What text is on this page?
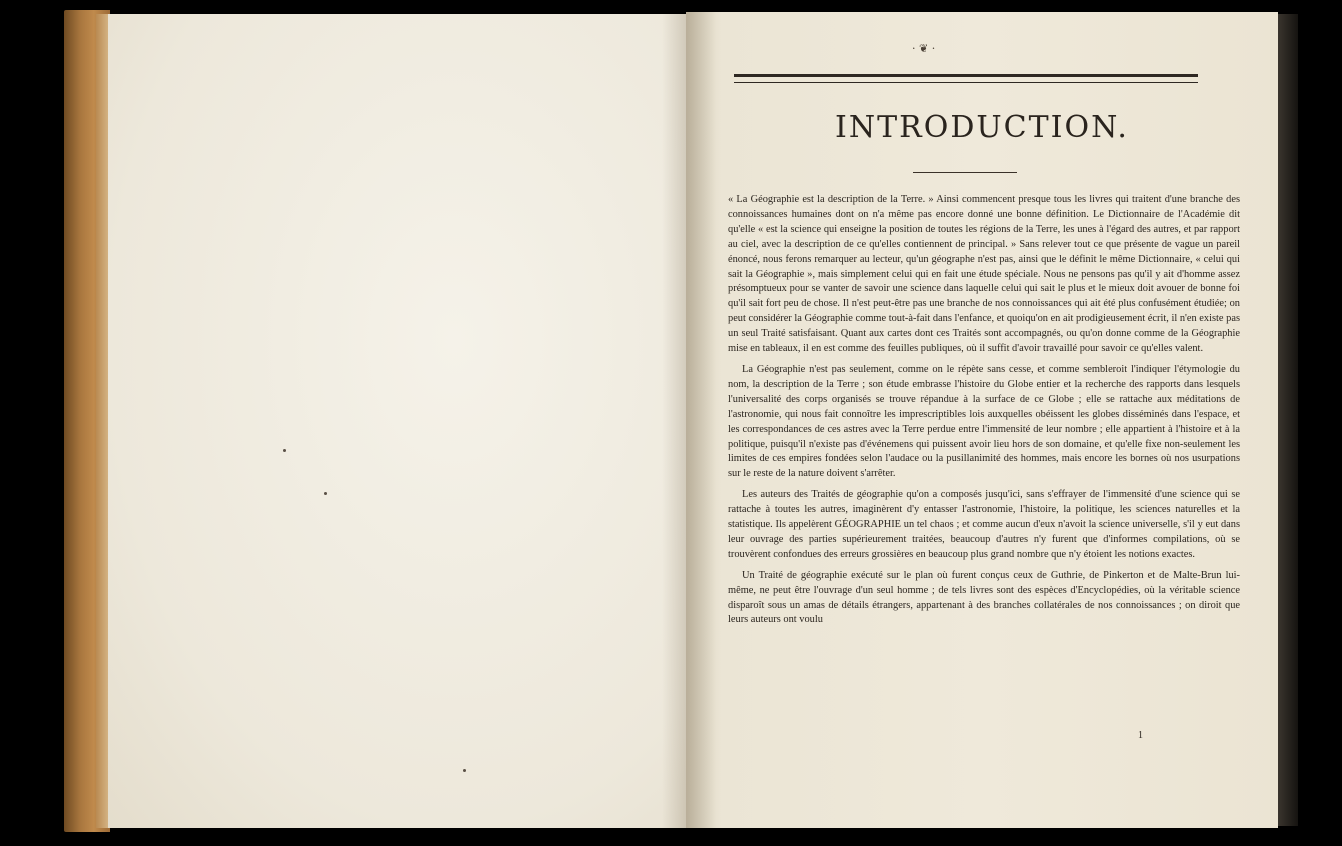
· ❦ ·
INTRODUCTION.

« La Géographie est la description de la Terre. » Ainsi commencent presque tous les livres qui traitent d'une branche des connoissances humaines dont on n'a même pas encore donné une bonne définition. Le Dictionnaire de l'Académie dit qu'elle « est la science qui enseigne la position de toutes les régions de la Terre, les unes à l'égard des autres, et par rapport au ciel, avec la description de ce qu'elles contiennent de principal. » Sans relever tout ce que présente de vague un pareil énoncé, nous ferons remarquer au lecteur, qu'un géographe n'est pas, ainsi que le définit le même Dictionnaire, « celui qui sait la Géographie », mais simplement celui qui en fait une étude spéciale. Nous ne pensons pas qu'il y ait d'homme assez présomptueux pour se vanter de savoir une science dans laquelle celui qui sait le plus et le mieux doit avouer de bonne foi qu'il sait fort peu de chose. Il n'est peut-être pas une branche de nos connoissances qui ait été plus confusément étudiée; on peut considérer la Géographie comme tout-à-fait dans l'enfance, et quoiqu'on en ait prodigieusement écrit, il n'en existe pas un seul Traité satisfaisant. Quant aux cartes dont ces Traités sont accompagnés, ou qu'on donne comme de la Géographie mise en tableaux, il en est comme des feuilles publiques, où il suffit d'avoir travaillé pour savoir ce qu'elles valent.

La Géographie n'est pas seulement, comme on le répète sans cesse, et comme sembleroit l'indiquer l'étymologie du nom, la description de la Terre ; son étude embrasse l'histoire du Globe entier et la recherche des rapports dans lesquels l'universalité des corps organisés se trouve répandue à la surface de ce Globe ; elle se rattache aux méditations de l'astronomie, qui nous fait connoître les imprescriptibles lois auxquelles obéissent les globes disséminés dans l'espace, et les correspondances de ces astres avec la Terre perdue entre l'immensité de leur nombre ; elle appartient à l'histoire et à la politique, puisqu'il n'existe pas d'événemens qui puissent avoir lieu hors de son domaine, et qu'elle fixe non-seulement les limites de ces empires fondées selon l'audace ou la pusillanimité des hommes, mais encore les bornes où nos usurpations sur le reste de la nature doivent s'arrêter.

Les auteurs des Traités de géographie qu'on a composés jusqu'ici, sans s'effrayer de l'immensité d'une science qui se rattache à toutes les autres, imaginèrent d'y entasser l'astronomie, l'histoire, la politique, les sciences naturelles et la statistique. Ils appelèrent GÉOGRAPHIE un tel chaos ; et comme aucun d'eux n'avoit la science universelle, s'il y eut dans leur ouvrage des parties supérieurement traitées, beaucoup d'autres n'y furent que d'informes compilations, où se trouvèrent confondues des erreurs grossières en beaucoup plus grand nombre que n'y étoient les notions exactes.

Un Traité de géographie exécuté sur le plan où furent conçus ceux de Guthrie, de Pinkerton et de Malte-Brun lui-même, ne peut être l'ouvrage d'un seul homme ; de tels livres sont des espèces d'Encyclopédies, où la véritable science disparoît sous un amas de détails étrangers, appartenant à des branches collatérales de nos connoissances ; on diroit que leurs auteurs ont voulu

1
